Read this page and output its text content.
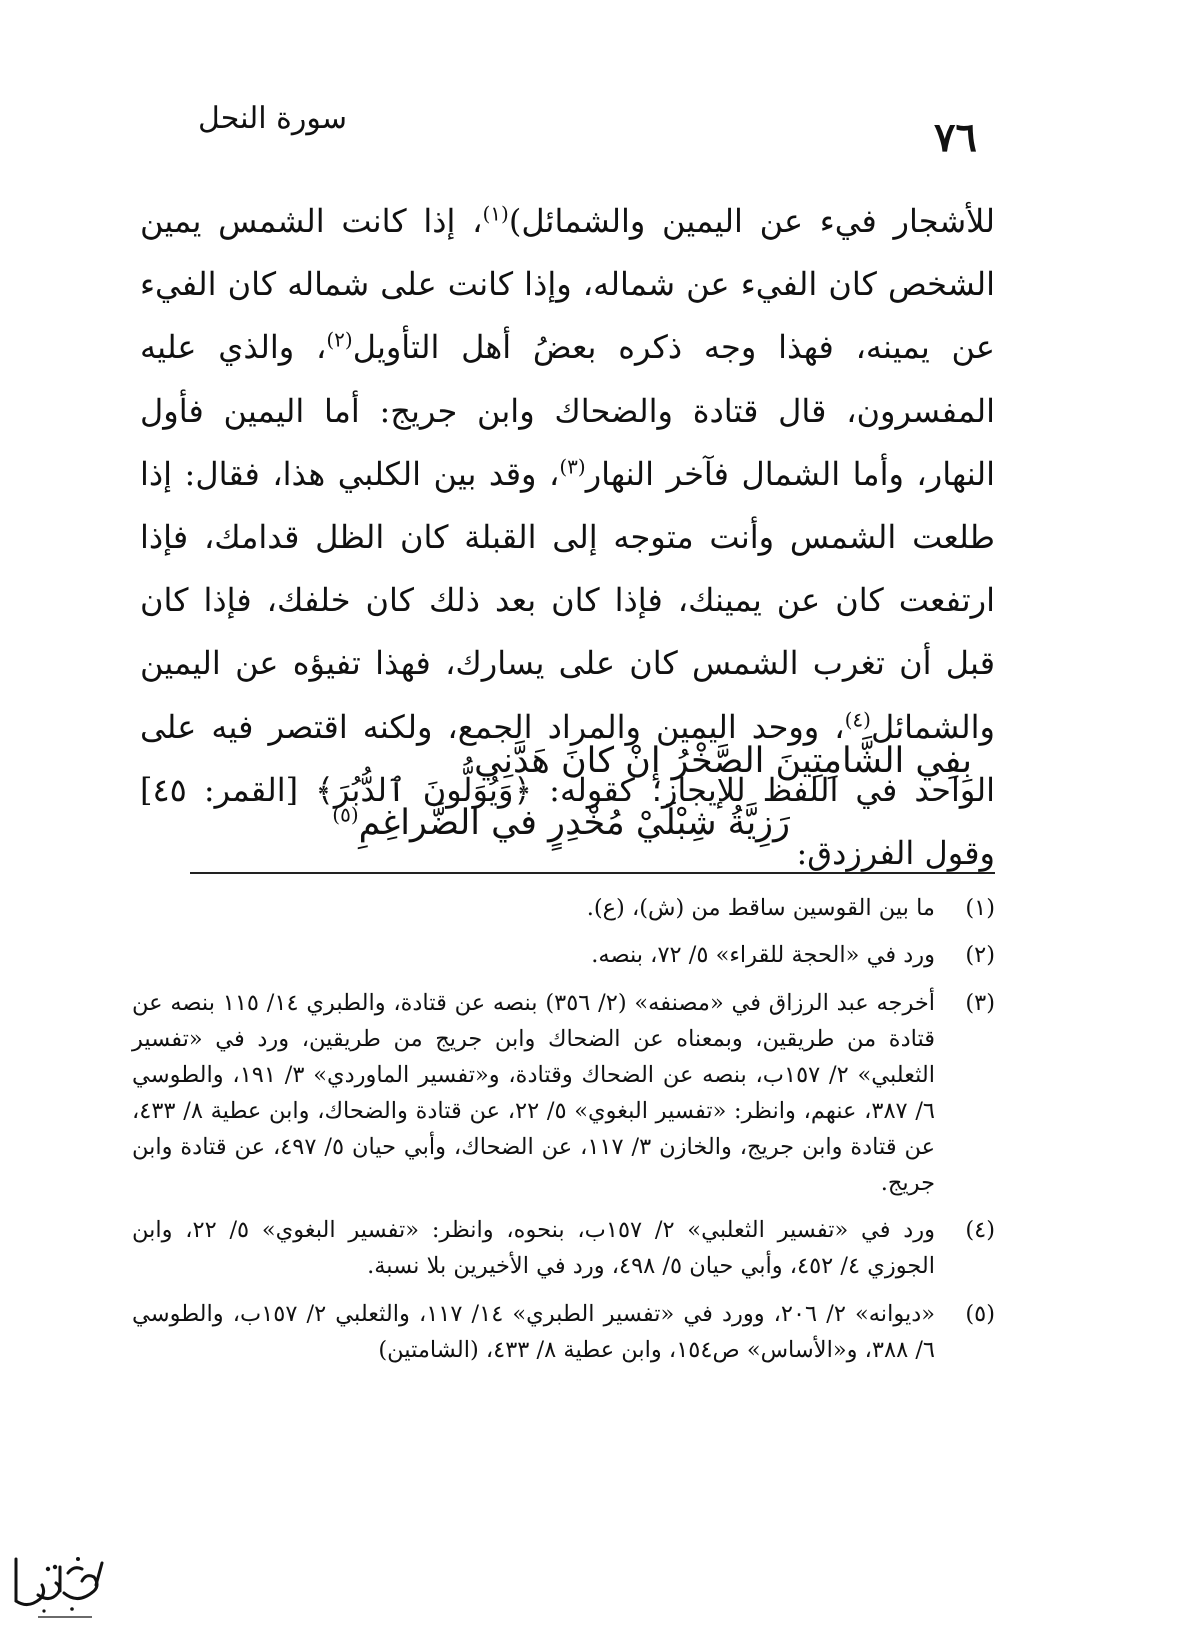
٧٦
سورة النحل

للأشجار فيء عن اليمين والشمائل)$^{(١)}$، إذا كانت الشمس يمين الشخص كان الفيء عن شماله، وإذا كانت على شماله كان الفيء عن يمينه، فهذا وجه ذكره بعضُ أهل التأويل$^{(٢)}$، والذي عليه المفسرون، قال قتادة والضحاك وابن جريج: أما اليمين فأول النهار، وأما الشمال فآخر النهار$^{(٣)}$، وقد بين الكلبي هذا، فقال: إذا طلعت الشمس وأنت متوجه إلى القبلة كان الظل قدامك، فإذا ارتفعت كان عن يمينك، فإذا كان بعد ذلك كان خلفك، فإذا كان قبل أن تغرب الشمس كان على يسارك، فهذا تفيؤه عن اليمين والشمائل$^{(٤)}$، ووحد اليمين والمراد الجمع، ولكنه اقتصر فيه على الواحد في اللفظ للإيجاز؛ كقوله: ﴿وَيُوَلُّونَ ٱلدُّبُرَ﴾ [القمر: ٤٥] وقول الفرزدق:

بِفِي الشَّامِتِينَ الصَّخْرُ إنْ كانَ هَدَّنِي
رَزِيَّةُ شِبْلَيْ مُخْدِرٍ في الضَّراغِمِ$^{(٥)}$
(١)
ما بين القوسين ساقط من (ش)، (ع).
(٢)
ورد في «الحجة للقراء» ٥/ ٧٢، بنصه.
(٣)
أخرجه عبد الرزاق في «مصنفه» (٢/ ٣٥٦) بنصه عن قتادة، والطبري ١٤/ ١١٥ بنصه عن قتادة من طريقين، وبمعناه عن الضحاك وابن جريج من طريقين، ورد في «تفسير الثعلبي» ٢/ ١٥٧ب، بنصه عن الضحاك وقتادة، و«تفسير الماوردي» ٣/ ١٩١، والطوسي ٦/ ٣٨٧، عنهم، وانظر: «تفسير البغوي» ٥/ ٢٢، عن قتادة والضحاك، وابن عطية ٨/ ٤٣٣، عن قتادة وابن جريج، والخازن ٣/ ١١٧، عن الضحاك، وأبي حيان ٥/ ٤٩٧، عن قتادة وابن جريج.
(٤)
ورد في «تفسير الثعلبي» ٢/ ١٥٧ب، بنحوه، وانظر: «تفسير البغوي» ٥/ ٢٢، وابن الجوزي ٤/ ٤٥٢، وأبي حيان ٥/ ٤٩٨، ورد في الأخيرين بلا نسبة.
(٥)
«ديوانه» ٢/ ٢٠٦، وورد في «تفسير الطبري» ١٤/ ١١٧، والثعلبي ٢/ ١٥٧ب، والطوسي ٦/ ٣٨٨، و«الأساس» ص١٥٤، وابن عطية ٨/ ٤٣٣، (الشامتين)
